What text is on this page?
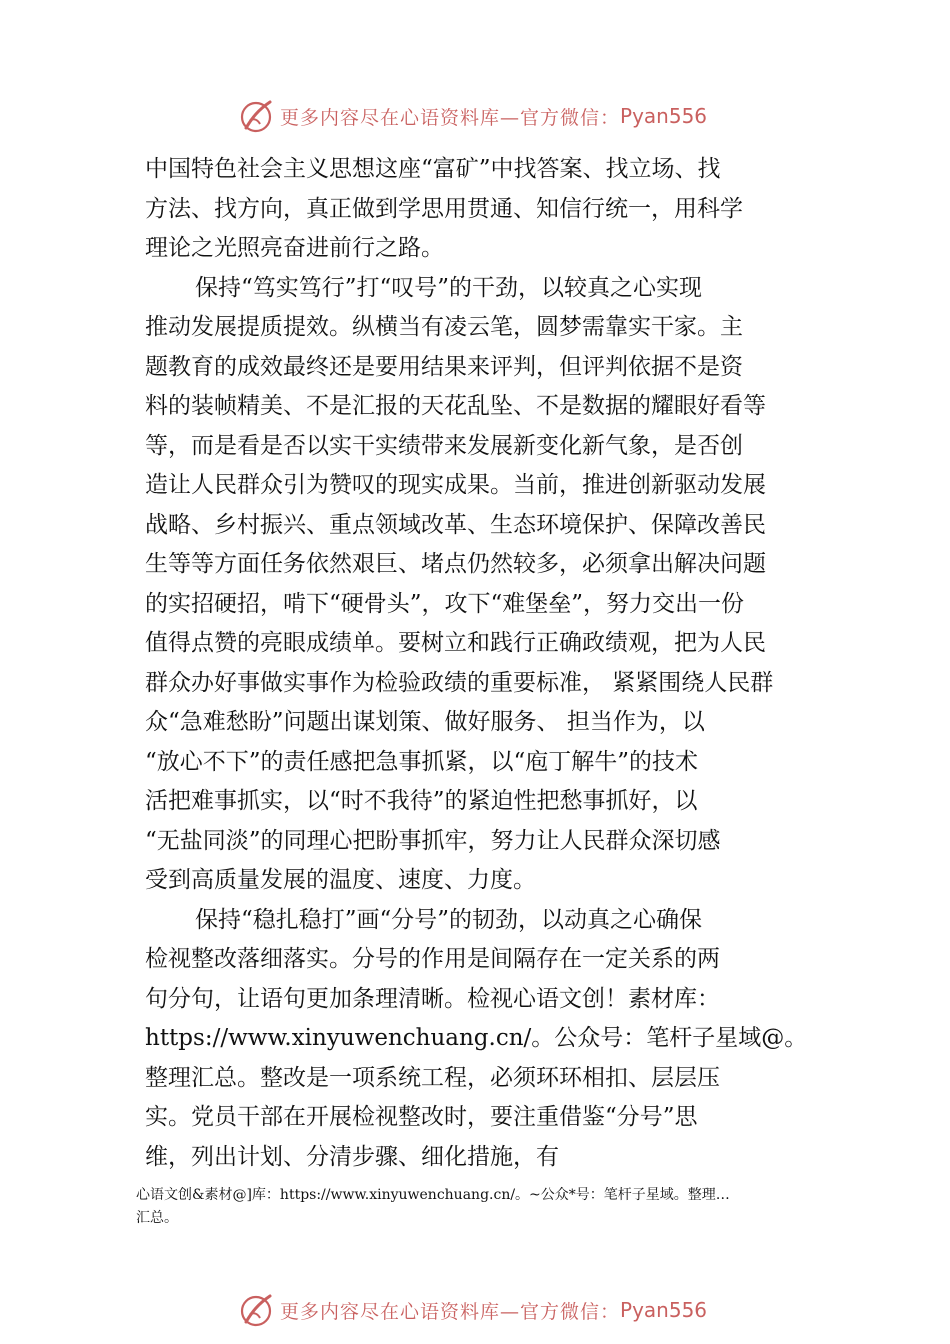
更多内容尽在心语资料库—官方微信： Pyan556
中国特色社会主义思想这座“富矿”中找答案、找立场、找
方法、找方向，真正做到学思用贯通、知信行统一，用科学
理论之光照亮奋进前行之路。
保持“笃实笃行”打“叹号”的干劲，以较真之心实现
推动发展提质提效。纵横当有凌云笔，圆梦需靠实干家。主
题教育的成效最终还是要用结果来评判，但评判依据不是资
料的装帧精美、不是汇报的天花乱坠、不是数据的耀眼好看等
等，而是看是否以实干实绩带来发展新变化新气象，是否创
造让人民群众引为赞叹的现实成果。当前，推进创新驱动发展
战略、乡村振兴、重点领域改革、生态环境保护、保障改善民
生等等方面任务依然艰巨、堵点仍然较多，必须拿出解决问题
的实招硬招，啃下“硬骨头”，攻下“难堡垒”，努力交出一份
值得点赞的亮眼成绩单。要树立和践行正确政绩观，把为人民
群众办好事做实事作为检验政绩的重要标准， 紧紧围绕人民群
众“急难愁盼”问题出谋划策、做好服务、 担当作为，以
“放心不下”的责任感把急事抓紧，以“庖丁解牛”的技术
活把难事抓实，以“时不我待”的紧迫性把愁事抓好，以
“无盐同淡”的同理心把盼事抓牢，努力让人民群众深切感
受到高质量发展的温度、速度、力度。
保持“稳扎稳打”画“分号”的韧劲，以动真之心确保
检视整改落细落实。分号的作用是间隔存在一定关系的两
句分句，让语句更加条理清晰。检视心语文创！素材库：
https://www.xinyuwenchuang.cn/。公众号：笔杆子星域@。
整理汇总。整改是一项系统工程，必须环环相扣、层层压
实。党员干部在开展检视整改时，要注重借鉴“分号”思
维，列出计划、分清步骤、细化措施，有
心语文创&素材@]库：https://www.xinyuwenchuang.cn/。~公众*号：笔杆子星域。整理…
汇总。
更多内容尽在心语资料库—官方微信： Pyan556
